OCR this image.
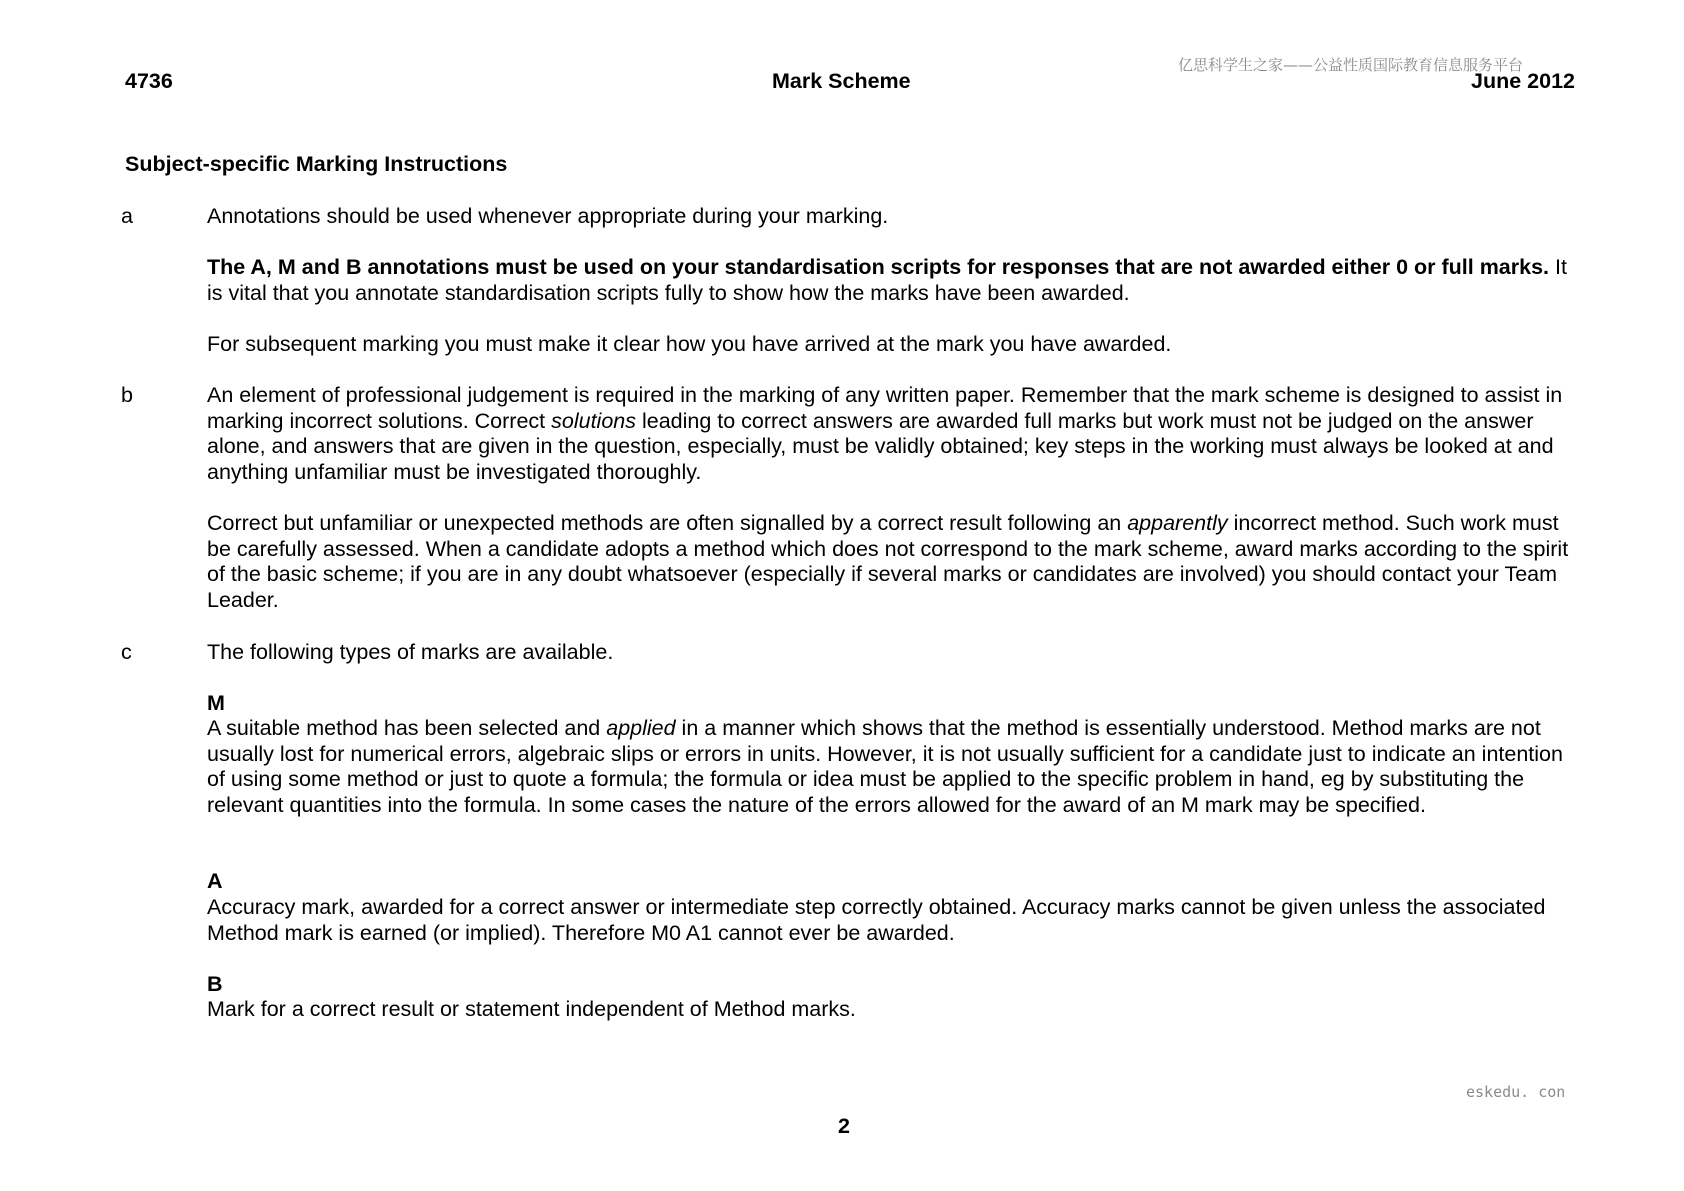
4736	Mark Scheme	June 2012
亿思科学生之家——公益性质国际教育信息服务平台
Subject-specific Marking Instructions
a	Annotations should be used whenever appropriate during your marking.

The A, M and B annotations must be used on your standardisation scripts for responses that are not awarded either 0 or full marks. It is vital that you annotate standardisation scripts fully to show how the marks have been awarded.

For subsequent marking you must make it clear how you have arrived at the mark you have awarded.

b	An element of professional judgement is required in the marking of any written paper. Remember that the mark scheme is designed to assist in marking incorrect solutions. Correct solutions leading to correct answers are awarded full marks but work must not be judged on the answer alone, and answers that are given in the question, especially, must be validly obtained; key steps in the working must always be looked at and anything unfamiliar must be investigated thoroughly.

Correct but unfamiliar or unexpected methods are often signalled by a correct result following an apparently incorrect method. Such work must be carefully assessed. When a candidate adopts a method which does not correspond to the mark scheme, award marks according to the spirit of the basic scheme; if you are in any doubt whatsoever (especially if several marks or candidates are involved) you should contact your Team Leader.

c	The following types of marks are available.

M

A suitable method has been selected and applied in a manner which shows that the method is essentially understood. Method marks are not usually lost for numerical errors, algebraic slips or errors in units. However, it is not usually sufficient for a candidate just to indicate an intention of using some method or just to quote a formula; the formula or idea must be applied to the specific problem in hand, eg by substituting the relevant quantities into the formula. In some cases the nature of the errors allowed for the award of an M mark may be specified.

A

Accuracy mark, awarded for a correct answer or intermediate step correctly obtained. Accuracy marks cannot be given unless the associated Method mark is earned (or implied). Therefore M0 A1 cannot ever be awarded.

B

Mark for a correct result or statement independent of Method marks.

eskedu. con
2
